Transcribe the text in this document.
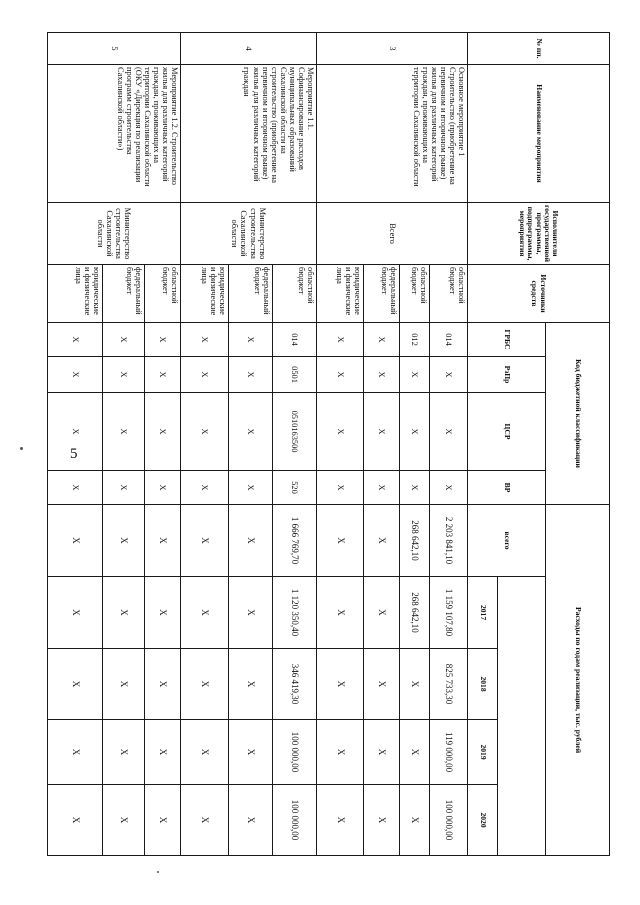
5
№ пп.	Наименование мероприятия	Исполнители государственной программы, подпрограммы, мероприятия	Источники средств	Код бюджетной классификации				Расходы по годам реализации, тыс. рублей				
				ГРБС	РзПр	ЦСР	ВР	всего				
									2017	2018	2019	2020
3	Основное мероприятие 1 Строительство (приобретение на первичном и вторичном рынке) жилья для различных категорий граждан, проживающих на территории Сахалинской области	Всего	областной бюджет	014	X	X	X	2 203 841,10	1 159 107,80	825 733,30	119 000,00	100 000,00
			областной бюджет	012	X	X	X	268 642,10	268 642,10	X	X	X
			федеральный бюджет	X	X	X	X	X	X	X	X	X
			юридические и физические лица	X	X	X	X	X	X	X	X	X
4	Мероприятие 1.1. Софинансирование расходов муниципальных образований Сахалинской области на строительство (приобретение на первичном и вторичном рынке) жилья для различных категорий граждан	Министерство строительства Сахалинской области	областной бюджет	014	0501	0510163500	520	1 666 769,70	1 120 350,40	346 419,30	100 000,00	100 000,00
			федеральный бюджет	X	X	X	X	X	X	X	X	X
			юридические и физические лица	X	X	X	X	X	X	X	X	X
5	Мероприятие 1.2. Строительство жилья для различных категорий граждан, проживающих на территории Сахалинской области (ОКУ «Дирекция по реализации программ строительства Сахалинской области»)	Министерство строительства Сахалинской области	областной бюджет	X	X	X	X	X	X	X	X	X
			федеральный бюджет	X	X	X	X	X	X	X	X	X
			юридические и физические лица	X	X	X	X	X	X	X	X	X
